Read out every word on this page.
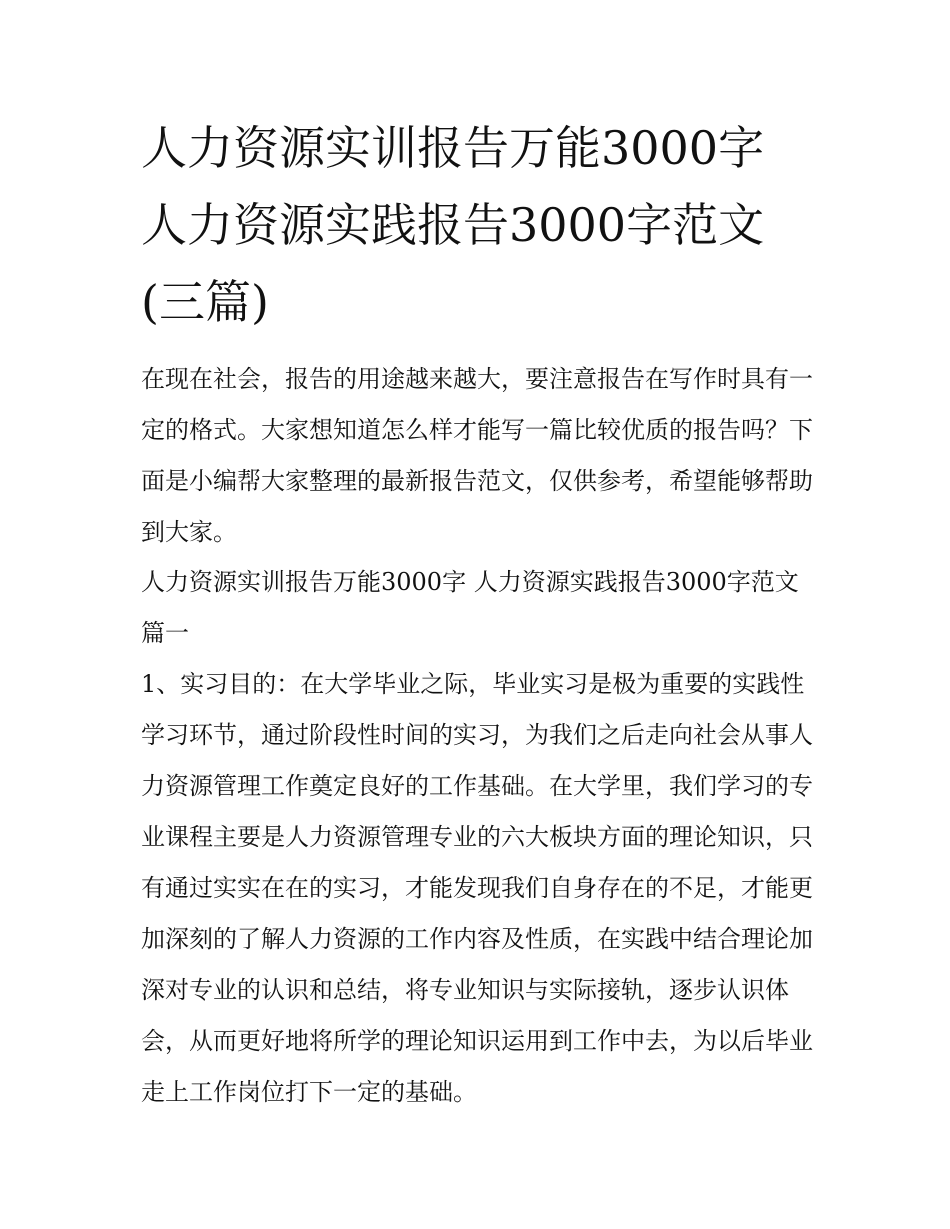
人力资源实训报告万能3000字 人力资源实践报告3000字范文(三篇)

在现在社会，报告的用途越来越大，要注意报告在写作时具有一定的格式。大家想知道怎么样才能写一篇比较优质的报告吗？下面是小编帮大家整理的最新报告范文，仅供参考，希望能够帮助到大家。

人力资源实训报告万能3000字 人力资源实践报告3000字范文篇一

1、实习目的：在大学毕业之际，毕业实习是极为重要的实践性学习环节，通过阶段性时间的实习，为我们之后走向社会从事人力资源管理工作奠定良好的工作基础。在大学里，我们学习的专业课程主要是人力资源管理专业的六大板块方面的理论知识，只有通过实实在在的实习，才能发现我们自身存在的不足，才能更加深刻的了解人力资源的工作内容及性质，在实践中结合理论加深对专业的认识和总结，将专业知识与实际接轨，逐步认识体会，从而更好地将所学的理论知识运用到工作中去，为以后毕业走上工作岗位打下一定的基础。
